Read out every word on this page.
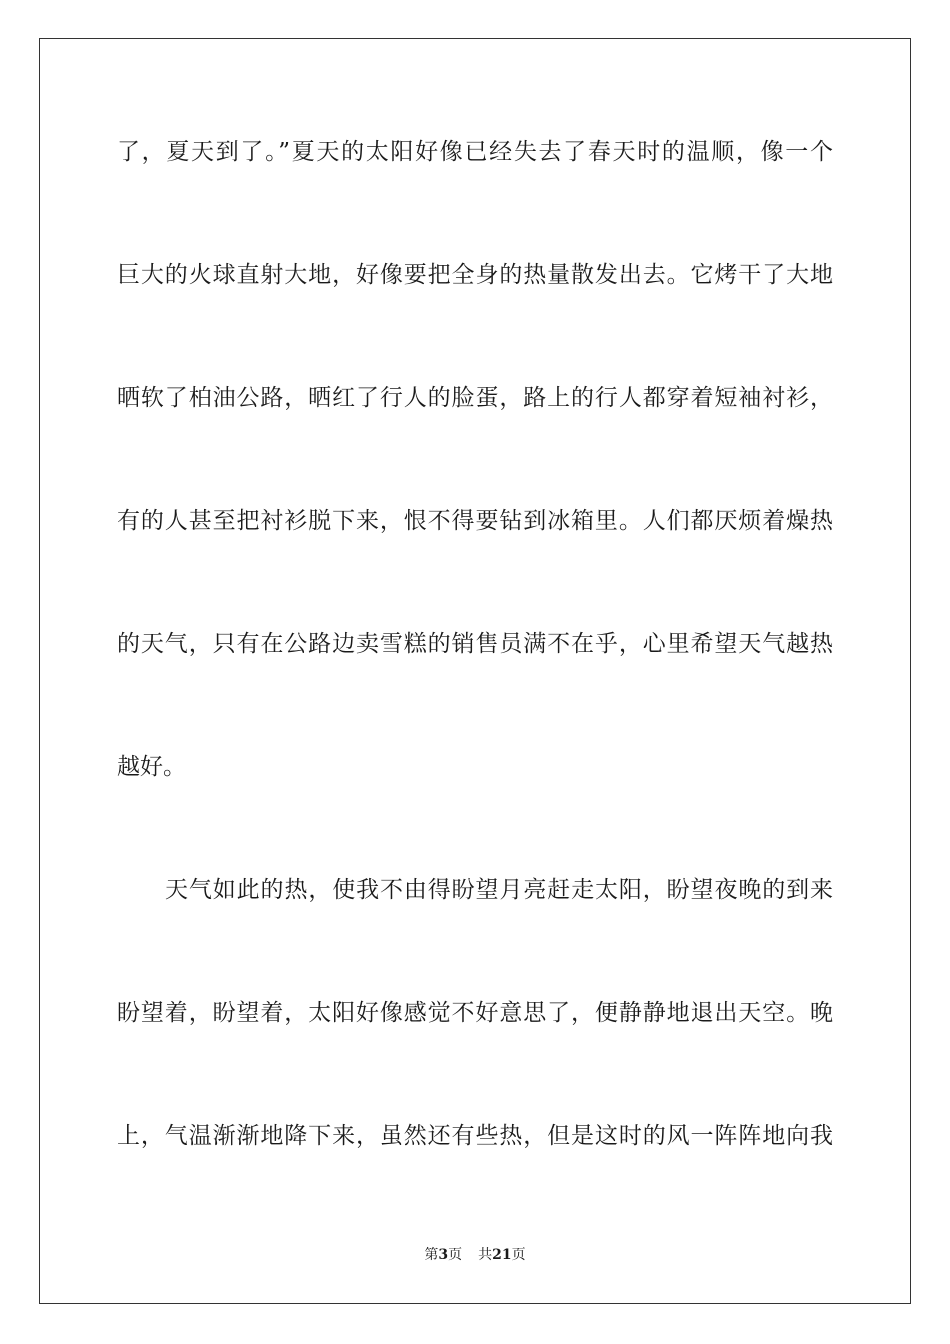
了，夏天到了。”夏天的太阳好像已经失去了春天时的温顺，像一个
巨大的火球直射大地，好像要把全身的热量散发出去。它烤干了大地
晒软了柏油公路，晒红了行人的脸蛋，路上的行人都穿着短袖衬衫，
有的人甚至把衬衫脱下来，恨不得要钻到冰箱里。人们都厌烦着燥热
的天气，只有在公路边卖雪糕的销售员满不在乎，心里希望天气越热
越好。
天气如此的热，使我不由得盼望月亮赶走太阳，盼望夜晚的到来
盼望着，盼望着，太阳好像感觉不好意思了，便静静地退出天空。晚
上，气温渐渐地降下来，虽然还有些热，但是这时的风一阵阵地向我
第3页 共21页
